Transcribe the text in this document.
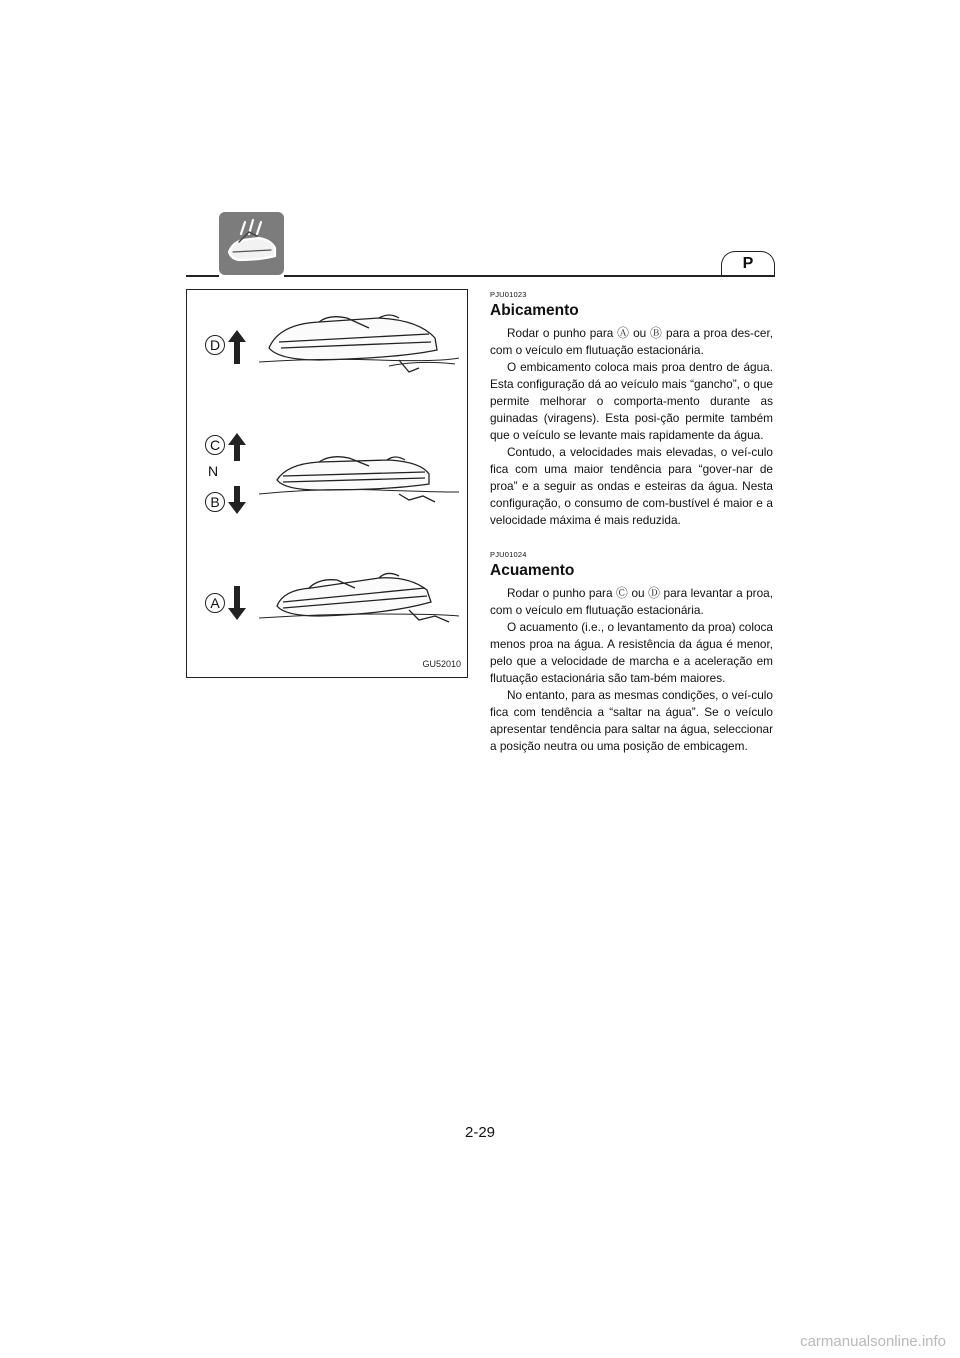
P
D
C
N
B
A
GU52010
PJU01023
Abicamento

Rodar o punho para Ⓐ ou Ⓑ para a proa des-cer, com o veículo em flutuação estacionária.

O embicamento coloca mais proa dentro de água. Esta configuração dá ao veículo mais “gancho”, o que permite melhorar o comporta-mento durante as guinadas (viragens). Esta posi-ção permite também que o veículo se levante mais rapidamente da água.

Contudo, a velocidades mais elevadas, o veí-culo fica com uma maior tendência para “gover-nar de proa” e a seguir as ondas e esteiras da água. Nesta configuração, o consumo de com-bustível é maior e a velocidade máxima é mais reduzida.

PJU01024
Acuamento

Rodar o punho para Ⓒ ou Ⓓ para levantar a proa, com o veículo em flutuação estacionária.

O acuamento (i.e., o levantamento da proa) coloca menos proa na água. A resistência da água é menor, pelo que a velocidade de marcha e a aceleração em flutuação estacionária são tam-bém maiores.

No entanto, para as mesmas condições, o veí-culo fica com tendência a “saltar na água”. Se o veículo apresentar tendência para saltar na água, seleccionar a posição neutra ou uma posição de embicagem.

2-29
carmanualsonline.info
